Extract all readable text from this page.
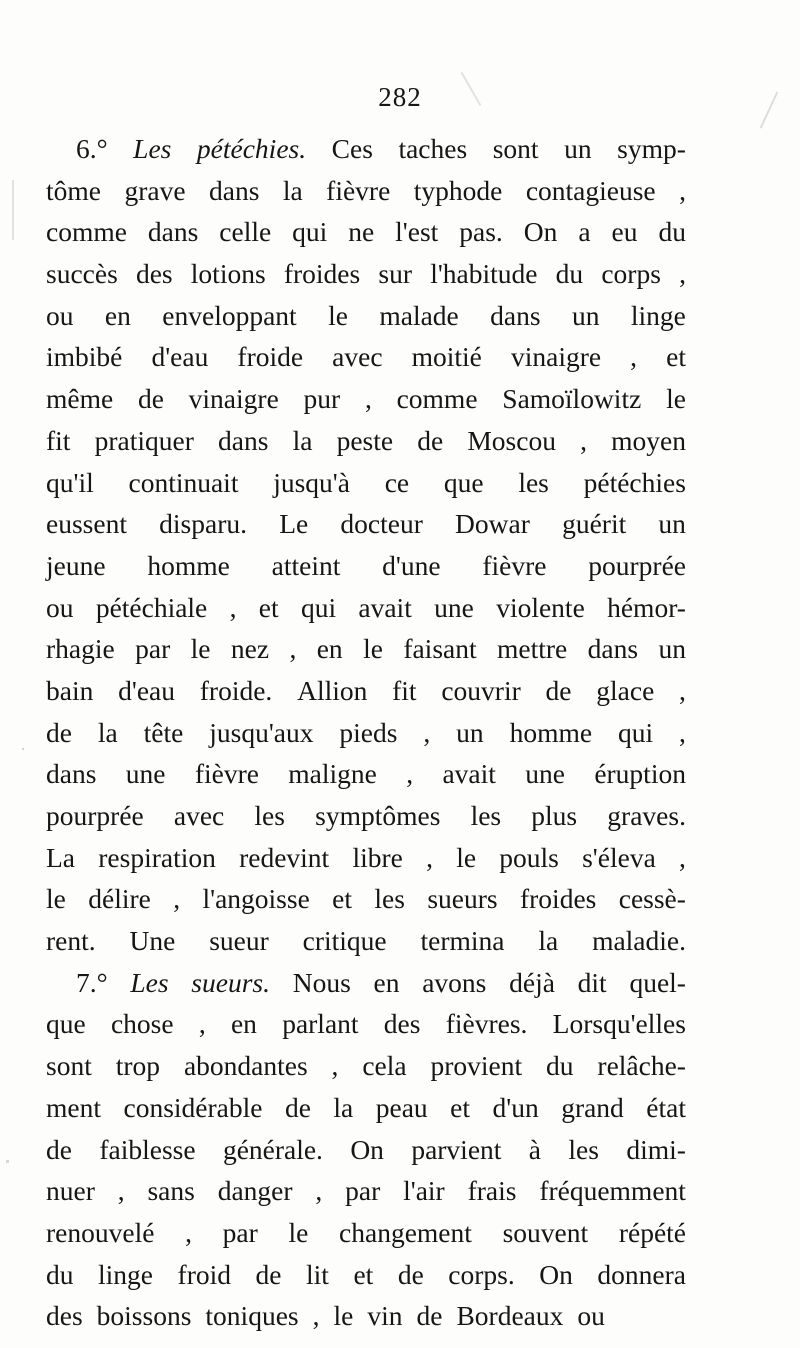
282
6.° Les pétéchies. Ces taches sont un symp-
tôme grave dans la fièvre typhode contagieuse ,
comme dans celle qui ne l'est pas. On a eu du
succès des lotions froides sur l'habitude du corps ,
ou en enveloppant le malade dans un linge
imbibé d'eau froide avec moitié vinaigre , et
même de vinaigre pur , comme Samoïlowitz le
fit pratiquer dans la peste de Moscou , moyen
qu'il continuait jusqu'à ce que les pétéchies
eussent disparu. Le docteur Dowar guérit un
jeune homme atteint d'une fièvre pourprée
ou pétéchiale , et qui avait une violente hémor-
rhagie par le nez , en le faisant mettre dans un
bain d'eau froide. Allion fit couvrir de glace ,
de la tête jusqu'aux pieds , un homme qui ,
dans une fièvre maligne , avait une éruption
pourprée avec les symptômes les plus graves.
La respiration redevint libre , le pouls s'éleva ,
le délire , l'angoisse et les sueurs froides cessè-
rent. Une sueur critique termina la maladie.
7.° Les sueurs. Nous en avons déjà dit quel-
que chose , en parlant des fièvres. Lorsqu'elles
sont trop abondantes , cela provient du relâche-
ment considérable de la peau et d'un grand état
de faiblesse générale. On parvient à les dimi-
nuer , sans danger , par l'air frais fréquemment
renouvelé , par le changement souvent répété
du linge froid de lit et de corps. On donnera
des boissons toniques , le vin de Bordeaux ou
